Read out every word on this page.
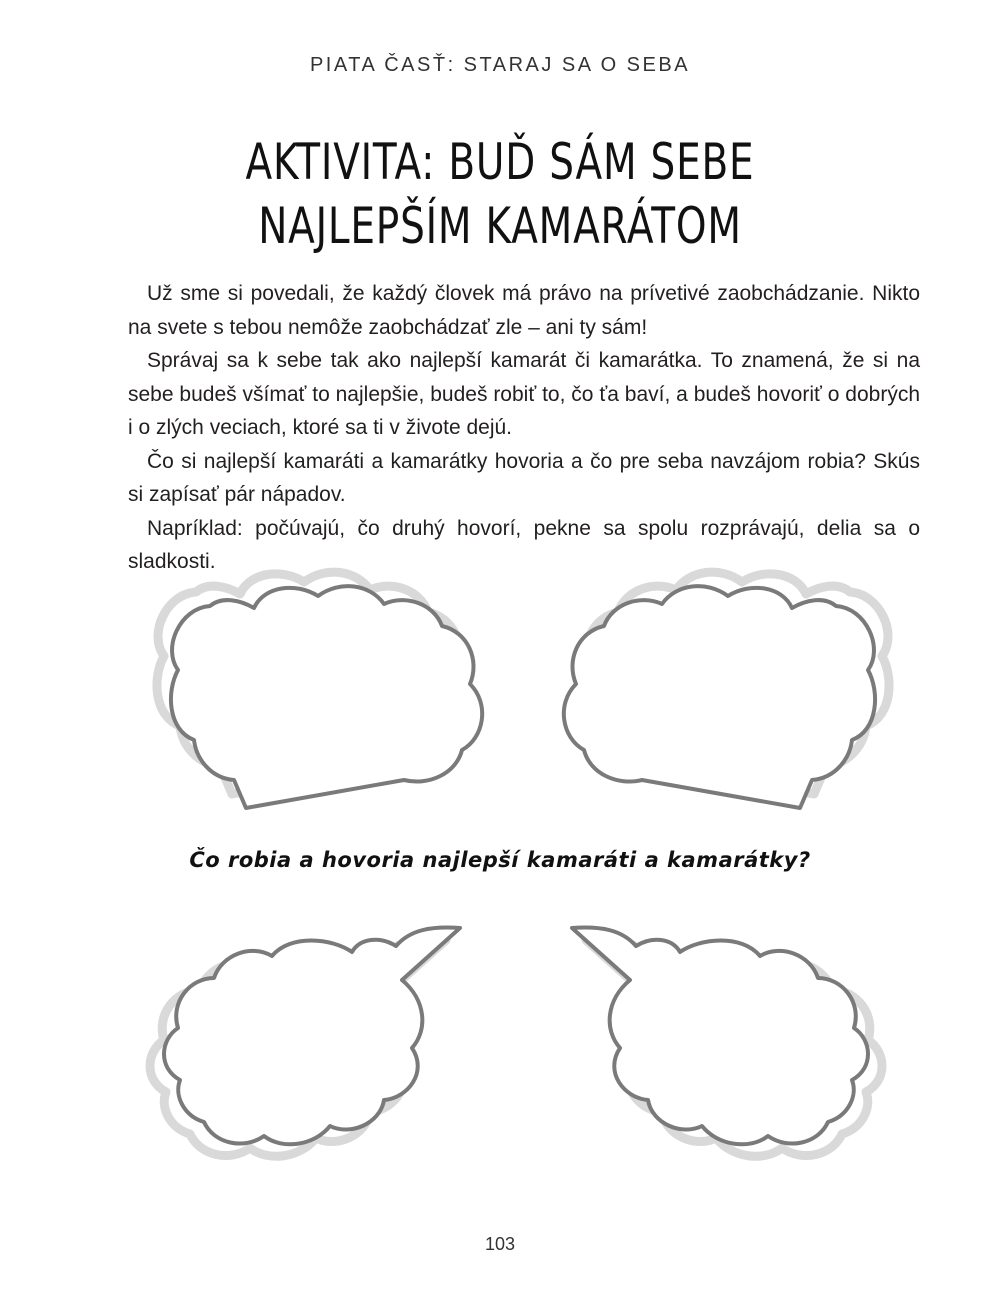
PIATA ČASŤ: STARAJ SA O SEBA
AKTIVITA: BUĎ SÁM SEBE
NAJLEPŠÍM KAMARÁTOM

Už sme si povedali, že každý človek má právo na prívetivé zaobchádzanie. Nikto na svete s tebou nemôže zaobchádzať zle – ani ty sám!

Správaj sa k sebe tak ako najlepší kamarát či kamarátka. To znamená, že si na sebe budeš všímať to najlepšie, budeš robiť to, čo ťa baví, a budeš hovoriť o dobrých i o zlých veciach, ktoré sa ti v živote dejú.

Čo si najlepší kamaráti a kamarátky hovoria a čo pre seba navzájom robia? Skús si zapísať pár nápadov.

Napríklad: počúvajú, čo druhý hovorí, pekne sa spolu rozprávajú, delia sa o sladkosti.

Čo robia a hovoria najlepší kamaráti a kamarátky?
103
